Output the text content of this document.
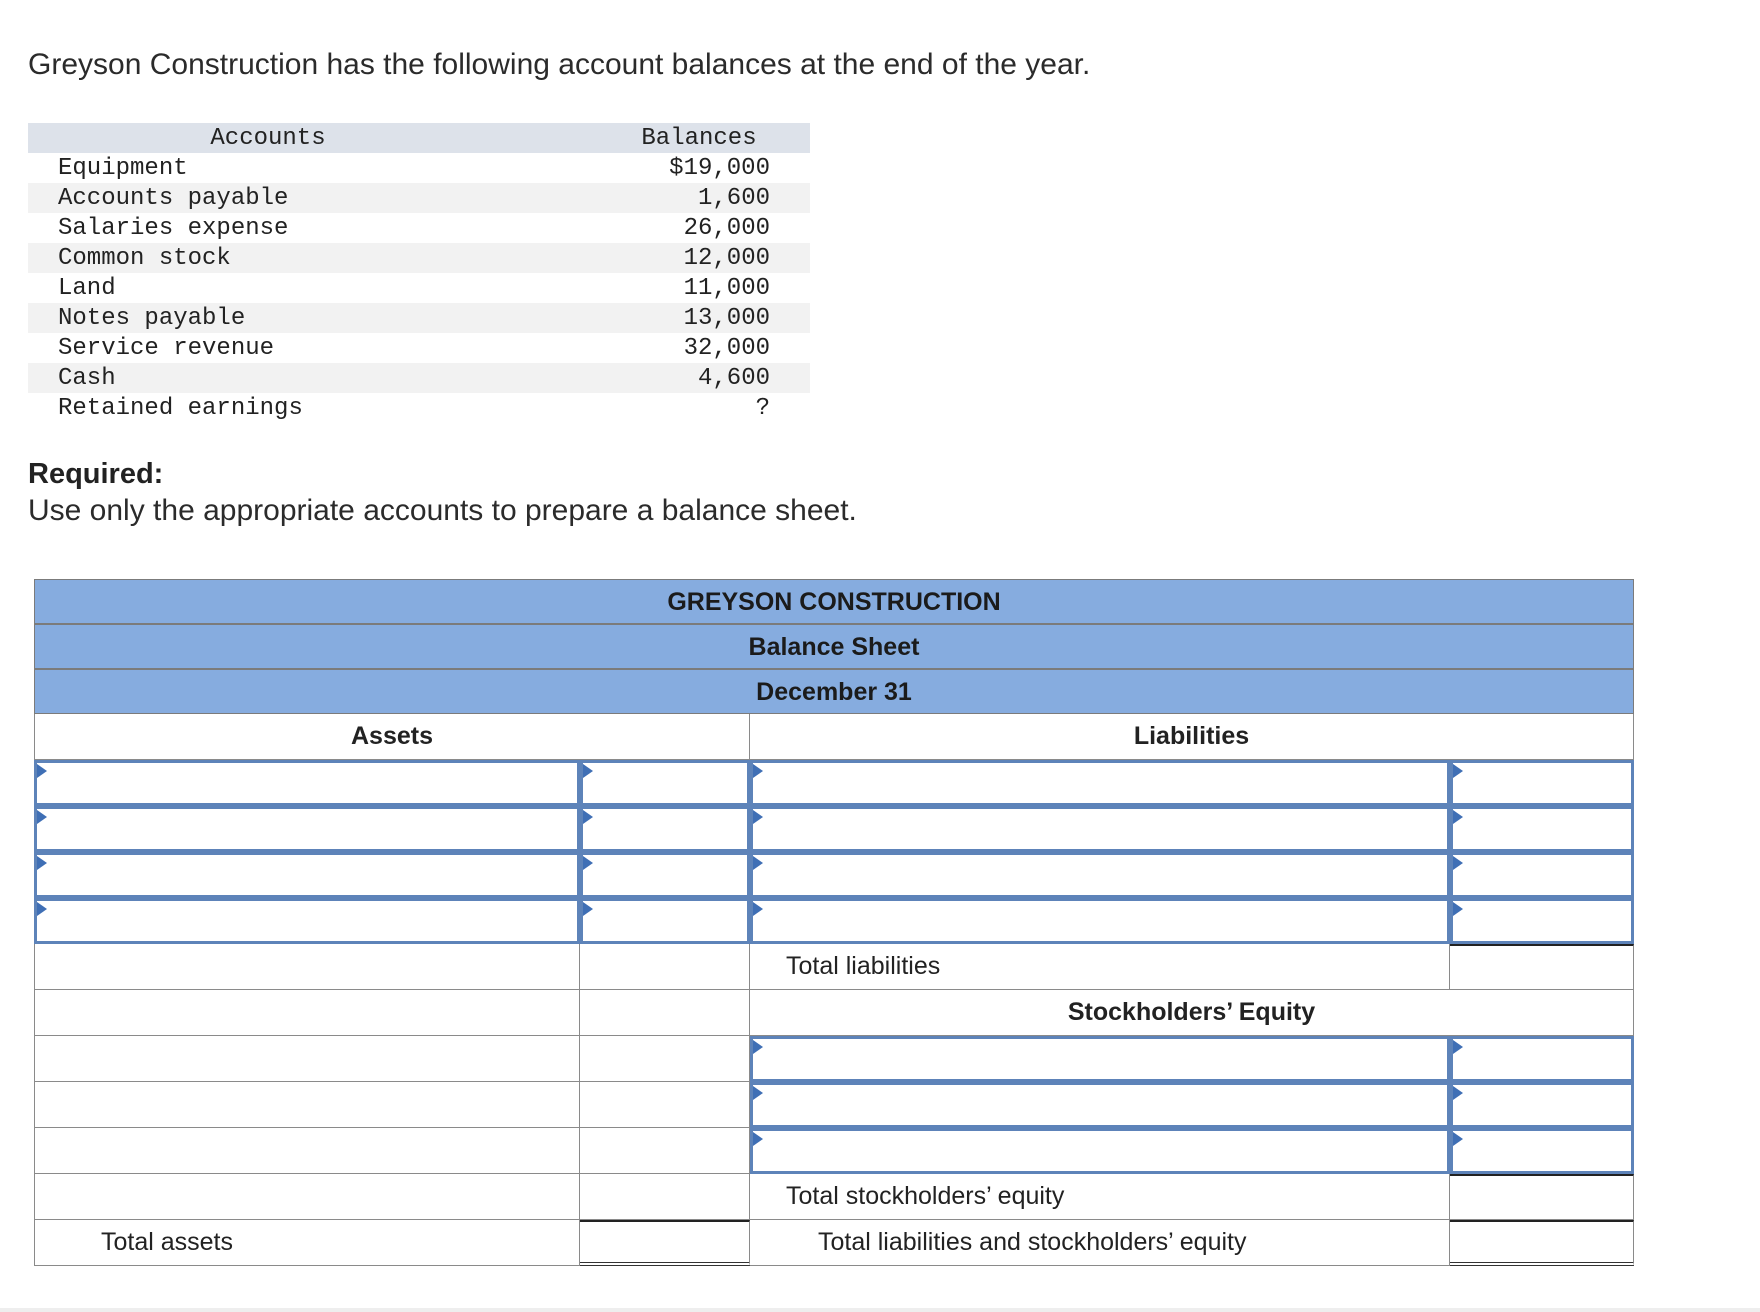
Greyson Construction has the following account balances at the end of the year.
Accounts	Balances
Equipment	$19,000
Accounts payable	1,600
Salaries expense	26,000
Common stock	12,000
Land	11,000
Notes payable	13,000
Service revenue	32,000
Cash	4,600
Retained earnings	?
Required:
Use only the appropriate accounts to prepare a balance sheet.
GREYSON CONSTRUCTION
Balance Sheet
December 31
Assets	Liabilities
Total liabilities
Stockholders’ Equity
Total stockholders’ equity
Total assets	Total liabilities and stockholders’ equity
